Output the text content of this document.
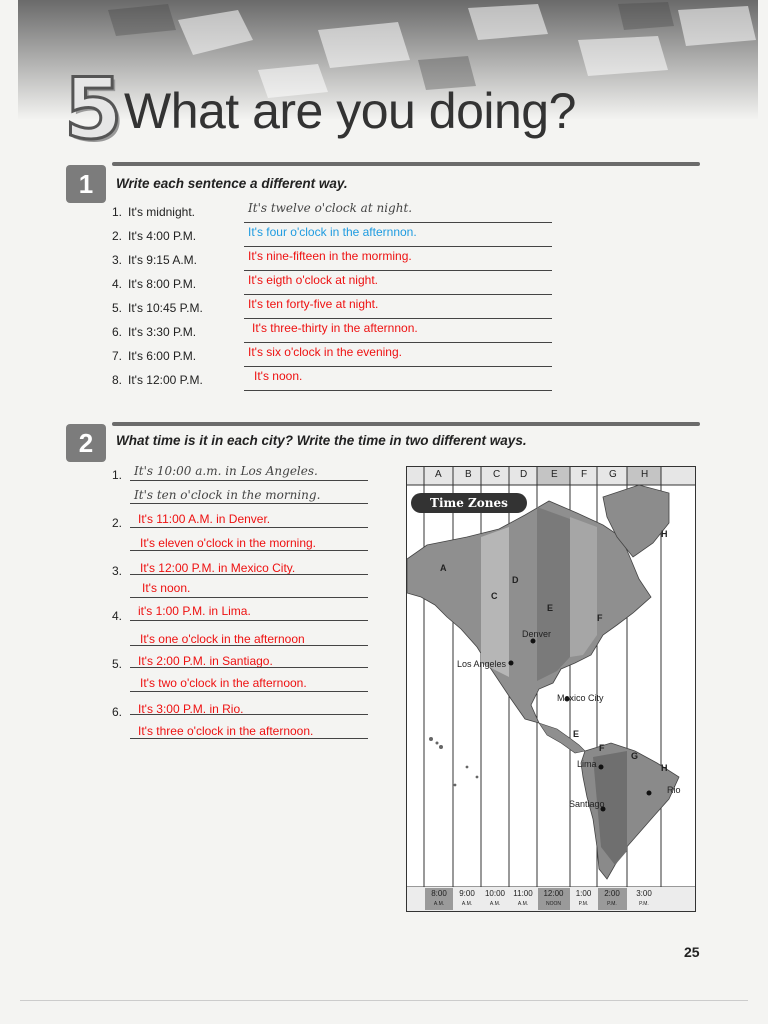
5 What are you doing?
1	Write each sentence a different way.
1. It's midnight.	It's twelve o'clock at night.
2. It's 4:00 P.M.	It's four o'clock in the afternnon.
3. It's 9:15 A.M.	It's nine-fifteen in the morming.
4. It's 8:00 P.M.	It's eigth o'clock at night.
5. It's 10:45 P.M.	It's ten forty-five at night.
6. It's 3:30 P.M.	It's three-thirty in the afternnon.
7. It's 6:00 P.M.	It's six o'clock in the evening.
8. It's 12:00 P.M.	It's noon.
2	What time is it in each city? Write the time in two different ways.
1. It's 10:00 a.m. in Los Angeles.
It's ten o'clock in the morning.
2. It's 11:00 A.M. in Denver.
It's eleven o'clock in the morning.
3. It's 12:00 P.M. in Mexico City.
It's noon.
4. it's 1:00 P.M. in Lima.
It's one o'clock in the afternoon
5. It's 2:00 P.M. in Santiago.
It's two o'clock in the afternoon.
6. It's 3:00 P.M. in Rio.
It's three o'clock in the afternoon.
A B C D E F G H
Time Zones
A
C
D
E
F
H
H
E
F
G
Denver
Los Angeles
Mexico City
Lima
Santiago
Rio
8:00
A.M.
9:00
A.M.
10:00
A.M.
11:00
A.M.
12:00
NOON
1:00
P.M.
2:00
P.M.
3:00
P.M.
25
